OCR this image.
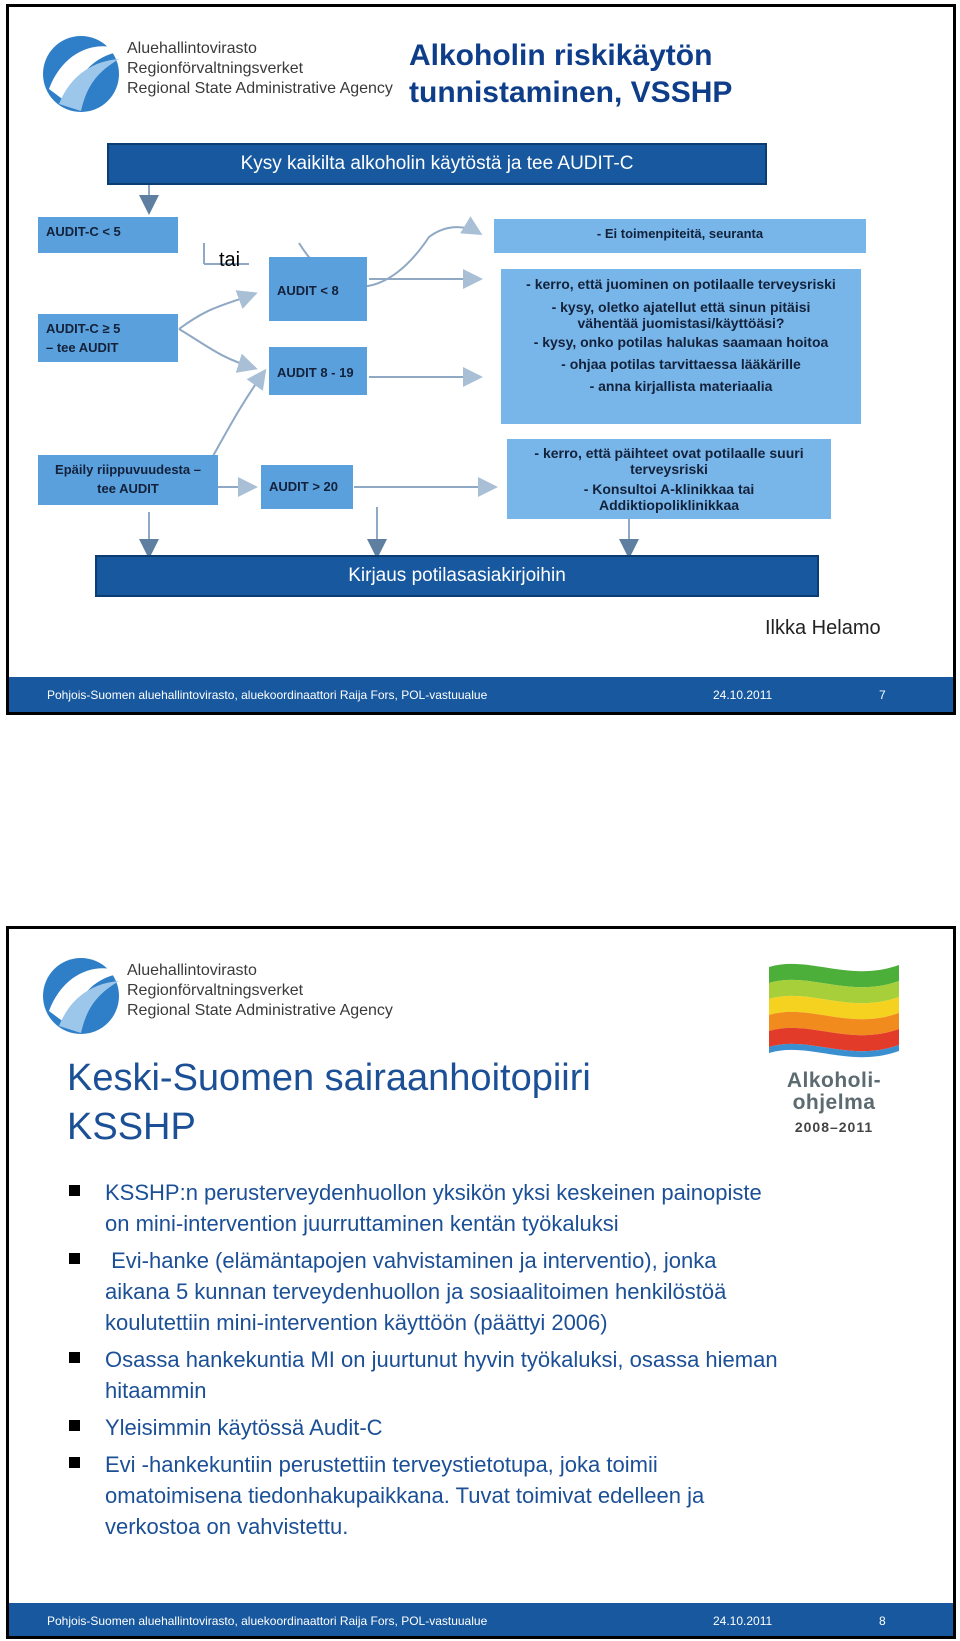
Aluehallintovirasto
Regionförvaltningsverket
Regional State Administrative Agency
Alkoholin riskikäytön
tunnistaminen, VSSHP
Kysy kaikilta alkoholin käytöstä ja tee AUDIT-C
AUDIT-C < 5
AUDIT-C ≥ 5
– tee AUDIT
tai
AUDIT < 8
AUDIT 8 - 19
Epäily riippuvuudesta –
tee AUDIT	AUDIT > 20
- Ei toimenpiteitä, seuranta
- kerro, että juominen on potilaalle terveysriski
- kysy, oletko ajatellut että sinun pitäisi
vähentää juomistasi/käyttöäsi?
- kysy, onko potilas halukas saamaan hoitoa
- ohjaa potilas tarvittaessa lääkärille
- anna kirjallista materiaalia
- kerro, että päihteet ovat potilaalle suuri
terveysriski
- Konsultoi A-klinikkaa tai
Addiktiopoliklinikkaa
Kirjaus potilasasiakirjoihin
Ilkka Helamo
Pohjois-Suomen aluehallintovirasto, aluekoordinaattori Raija Fors, POL-vastuualue	24.10.2011	7
Aluehallintovirasto
Regionförvaltningsverket
Regional State Administrative Agency
Alkoholi-
ohjelma
2008–2011
Keski-Suomen sairaanhoitopiiri
KSSHP
KSSHP:n perusterveydenhuollon yksikön yksi keskeinen painopiste
on mini-intervention juurruttaminen kentän työkaluksi
Evi-hanke (elämäntapojen vahvistaminen ja interventio), jonka
aikana 5 kunnan terveydenhuollon ja sosiaalitoimen henkilöstöä
koulutettiin mini-intervention käyttöön (päättyi 2006)
Osassa hankekuntia MI on juurtunut hyvin työkaluksi, osassa hieman
hitaammin
Yleisimmin käytössä Audit-C
Evi -hankekuntiin perustettiin terveystietotupa, joka toimii
omatoimisena tiedonhakupaikkana. Tuvat toimivat edelleen ja
verkostoa on vahvistettu.
Pohjois-Suomen aluehallintovirasto, aluekoordinaattori Raija Fors, POL-vastuualue	24.10.2011	8
